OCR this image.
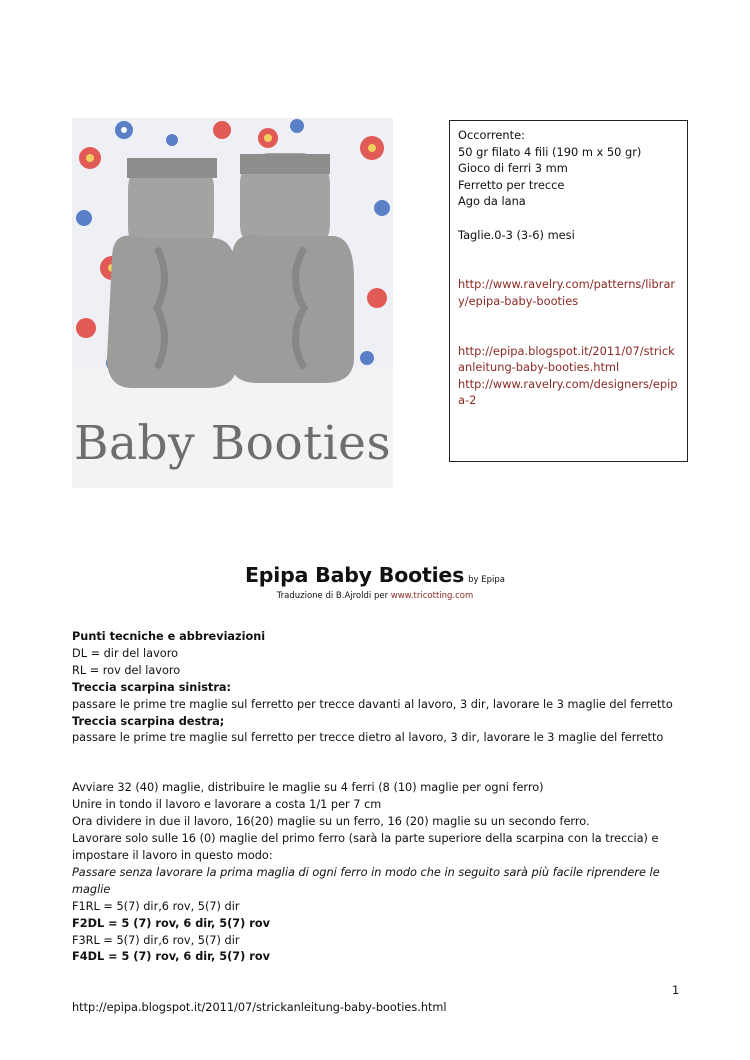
Baby Booties
Occorrente:
50 gr filato 4 fili (190 m x 50 gr)
Gioco di ferri 3 mm
Ferretto per trecce
Ago da lana
Taglie.0-3 (3-6) mesi
http://www.ravelry.com/patterns/library/epipa-baby-booties
http://epipa.blogspot.it/2011/07/strickanleitung-baby-booties.html
http://www.ravelry.com/designers/epipa-2
Epipa Baby Booties by Epipa
Traduzione di B.Ajroldi per www.tricotting.com
Punti tecniche e abbreviazioni
DL = dir del lavoro
RL = rov del lavoro
Treccia scarpina sinistra:
passare le prime tre maglie sul ferretto per trecce davanti al lavoro, 3 dir, lavorare le 3 maglie del ferretto
Treccia scarpina destra;
passare le prime tre maglie sul ferretto per trecce dietro al lavoro, 3 dir, lavorare le 3 maglie del ferretto
Avviare 32 (40) maglie, distribuire le maglie su 4 ferri (8 (10) maglie per ogni ferro)
Unire in tondo il lavoro e lavorare a costa 1/1 per 7 cm
Ora dividere in due il lavoro, 16(20) maglie su un ferro, 16 (20) maglie su un secondo ferro.
Lavorare solo sulle 16 (0) maglie del primo ferro (sarà la parte superiore della scarpina con la treccia) e impostare il lavoro in questo modo:
Passare senza lavorare la prima maglia di ogni ferro in modo che in seguito sarà più facile riprendere le maglie
F1RL = 5(7) dir,6 rov, 5(7) dir
F2DL = 5 (7) rov, 6 dir, 5(7) rov
F3RL = 5(7) dir,6 rov, 5(7) dir
F4DL = 5 (7) rov, 6 dir, 5(7) rov
1
http://epipa.blogspot.it/2011/07/strickanleitung-baby-booties.html
